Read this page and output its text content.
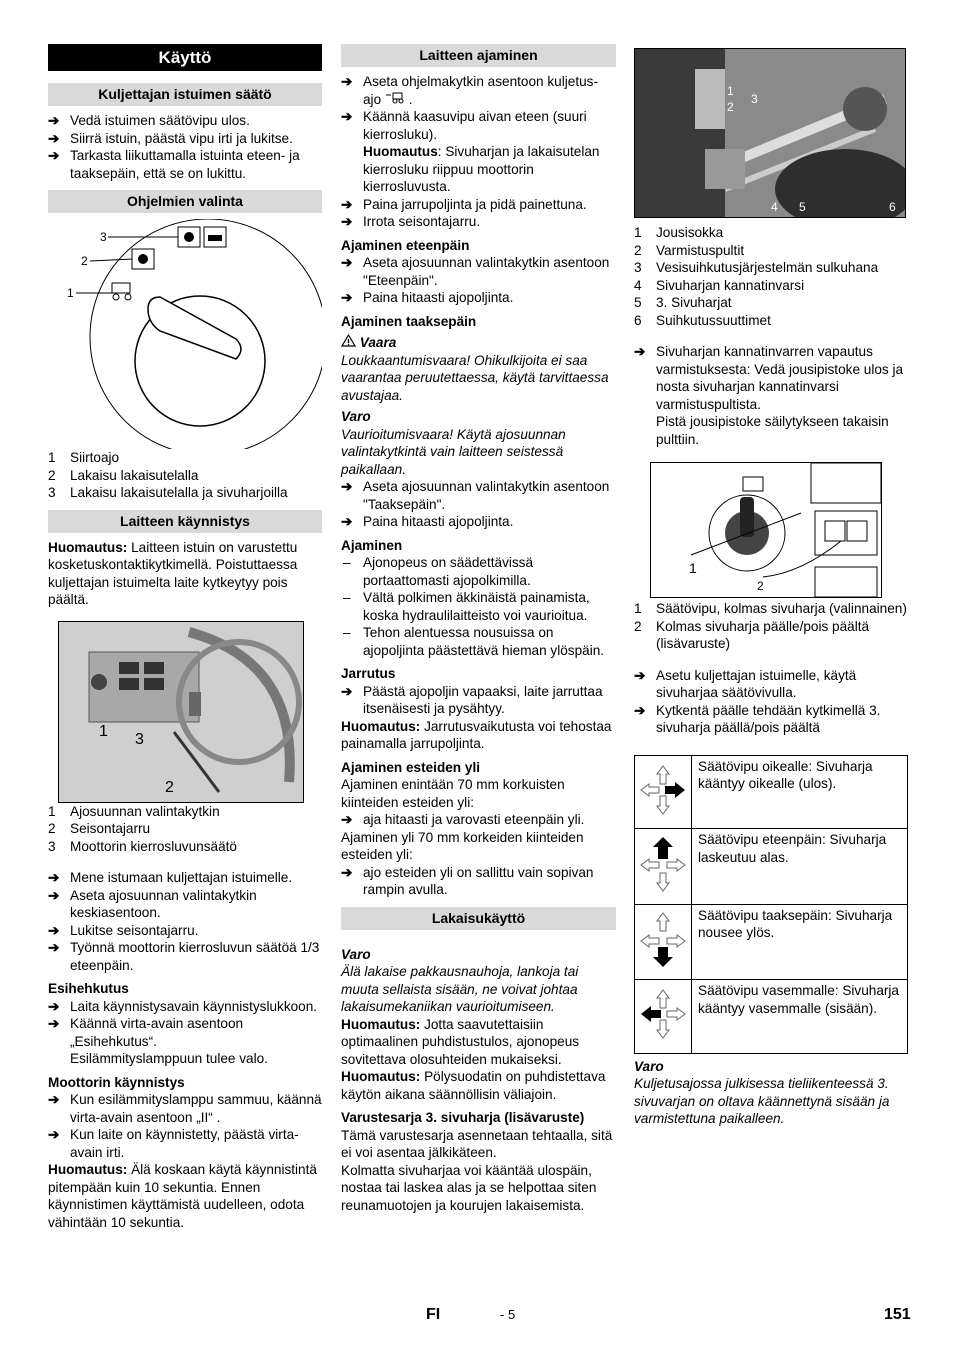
Käyttö
Kuljettajan istuimen säätö
➔ Vedä istuimen säätövipu ulos.
➔ Siirrä istuin, päästä vipu irti ja lukitse.
➔ Tarkasta liikuttamalla istuinta eteen- ja taaksepäin, että se on lukittu.
Ohjelmien valinta
3
2
1
1 Siirtoajo
2 Lakaisu lakaisutelalla
3 Lakaisu lakaisutelalla ja sivuharjoilla
Laitteen käynnistys

Huomautus: Laitteen istuin on varustettu kosketuskontaktikytkimellä. Poistuttaessa kuljettajan istuimelta laite kytkeytyy pois päältä.

1 3
2
1 Ajosuunnan valintakytkin
2 Seisontajarru
3 Moottorin kierrosluvunsäätö
➔ Mene istumaan kuljettajan istuimelle.
➔ Aseta ajosuunnan valintakytkin keskiasentoon.
➔ Lukitse seisontajarru.
➔ Työnnä moottorin kierrosluvun säätöä 1/3 eteenpäin.
Esihehkutus
➔ Laita käynnistysavain käynnistyslukkoon.
➔ Käännä virta-avain asentoon „Esihehkutus“.

Esilämmityslamppuun tulee valo.

Moottorin käynnistys
➔ Kun esilämmityslamppu sammuu, käännä virta-avain asentoon „II“ .
➔ Kun laite on käynnistetty, päästä virta-avain irti.

Huomautus: Älä koskaan käytä käynnistintä pitempään kuin 10 sekuntia. Ennen käynnistimen käyttämistä uudelleen, odota vähintään 10 sekuntia.

Laitteen ajaminen
➔ Aseta ohjelmakytkin asentoon kuljetus-ajo  .
➔ Käännä kaasuvipu aivan eteen (suuri kierrosluku).

Huomautus: Sivuharjan ja lakaisutelan kierrosluku riippuu moottorin kierrosluvusta.

➔ Paina jarrupoljinta ja pidä painettuna.
➔ Irrota seisontajarru.
Ajaminen eteenpäin
➔ Aseta ajosuunnan valintakytkin asentoon "Eteenpäin".
➔ Paina hitaasti ajopoljinta.
Ajaminen taaksepäin
Vaara

Loukkaantumisvaara! Ohikulkijoita ei saa vaarantaa peruutettaessa, käytä tarvittaessa avustajaa.

Varo

Vaurioitumisvaara! Käytä ajosuunnan valintakytkintä vain laitteen seistessä paikallaan.

➔ Aseta ajosuunnan valintakytkin asentoon "Taaksepäin".
➔ Paina hitaasti ajopoljinta.
Ajaminen
– Ajonopeus on säädettävissä portaattomasti ajopolkimilla.
– Vältä polkimen äkkinäistä painamista, koska hydraulilaitteisto voi vaurioitua.
– Tehon alentuessa nousuissa on ajopoljinta päästettävä hieman ylöspäin.
Jarrutus
➔ Päästä ajopoljin vapaaksi, laite jarruttaa itsenäisesti ja pysähtyy.

Huomautus: Jarrutusvaikutusta voi tehostaa painamalla jarrupoljinta.

Ajaminen esteiden yli

Ajaminen enintään 70 mm korkuisten kiinteiden esteiden yli:

➔ aja hitaasti ja varovasti eteenpäin yli.

Ajaminen yli 70 mm korkeiden kiinteiden esteiden yli:

➔ ajo esteiden yli on sallittu vain sopivan rampin avulla.
Lakaisukäyttö
Varo

Älä lakaise pakkausnauhoja, lankoja tai muuta sellaista sisään, ne voivat johtaa lakaisumekaniikan vaurioitumiseen.

Huomautus: Jotta saavutettaisiin optimaalinen puhdistustulos, ajonopeus sovitettava olosuhteiden mukaiseksi.

Huomautus: Pölysuodatin on puhdistettava käytön aikana säännöllisin väliajoin.

Varustesarja 3. sivuharja (lisävaruste)

Tämä varustesarja asennetaan tehtaalla, sitä ei voi asentaa jälkikäteen.

Kolmatta sivuharjaa voi kääntää ulospäin, nostaa tai laskea alas ja se helpottaa siten reunamuotojen ja kourujen lakaisemista.

1
2
3
4 5	6
1 Jousisokka
2 Varmistuspultit
3 Vesisuihkutusjärjestelmän sulkuhana
4 Sivuharjan kannatinvarsi
5 3. Sivuharjat
6 Suihkutussuuttimet
➔ Sivuharjan kannatinvarren vapautus varmistuksesta: Vedä jousipistoke ulos ja nosta sivuharjan kannatinvarsi varmistuspultista.

Pistä jousipistoke säilytykseen takaisin pulttiin.

1
2
1 Säätövipu, kolmas sivuharja (valinnainen)
2 Kolmas sivuharja päälle/pois päältä (lisävaruste)
➔ Asetu kuljettajan istuimelle, käytä sivuharjaa säätövivulla.
➔ Kytkentä päälle tehdään kytkimellä 3. sivuharja päällä/pois päältä
	Säätövipu oikealle: Sivuharja kääntyy oikealle (ulos).
	Säätövipu eteenpäin: Sivuharja laskeutuu alas.
	Säätövipu taaksepäin: Sivuharja nousee ylös.
	Säätövipu vasemmalle: Sivuharja kääntyy vasemmalle (sisään).
Varo

Kuljetusajossa julkisessa tieliikenteessä 3. sivuvarjan on oltava käännettynä sisään ja varmistettuna paikalleen.

FI	- 5	151
